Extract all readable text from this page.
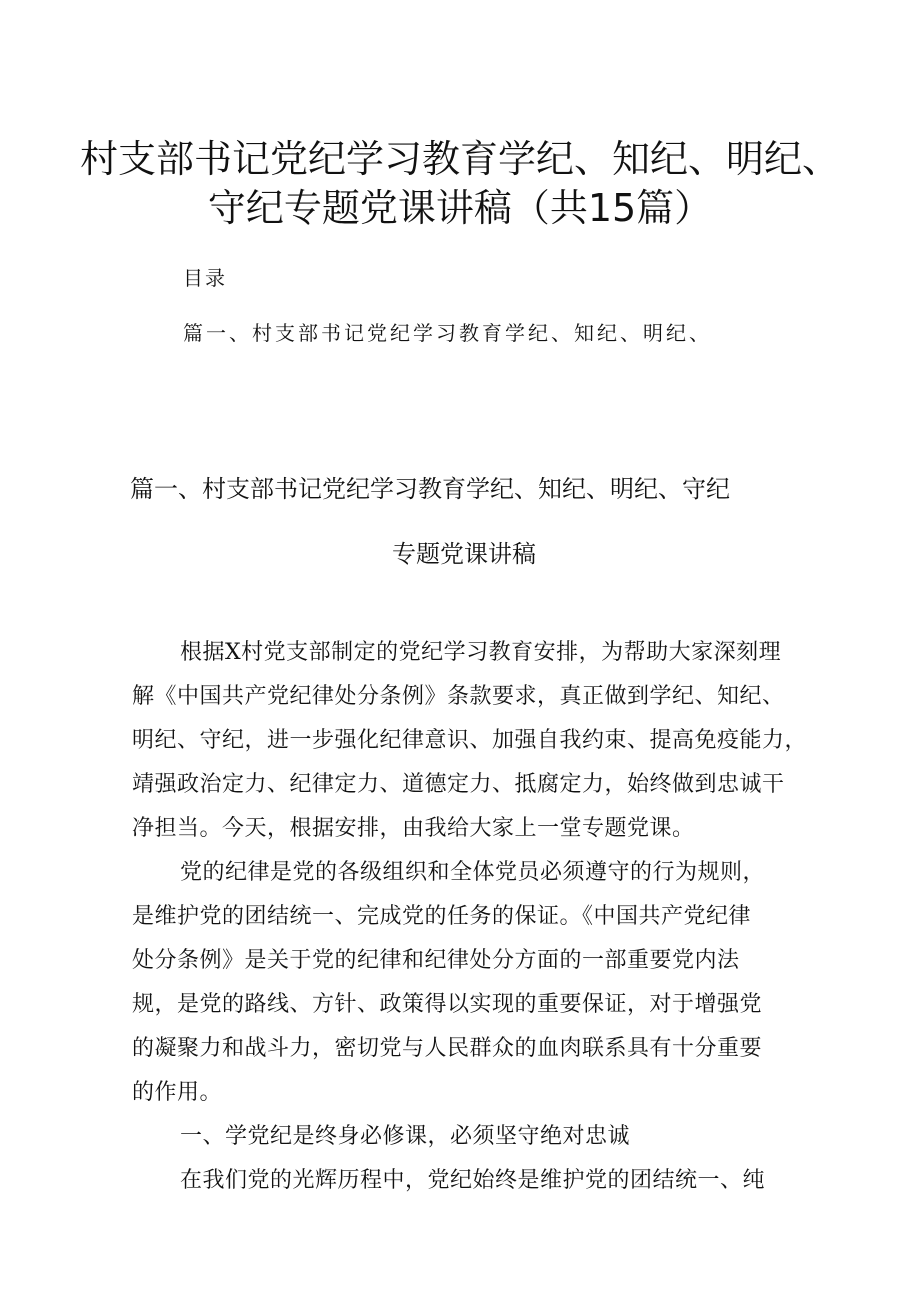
村支部书记党纪学习教育学纪、知纪、明纪、
守纪专题党课讲稿（共15篇）
目录
篇一、村支部书记党纪学习教育学纪、知纪、明纪、
篇一、村支部书记党纪学习教育学纪、知纪、明纪、守纪
专题党课讲稿
根据X村党支部制定的党纪学习教育安排，为帮助大家深刻理
解《中国共产党纪律处分条例》条款要求，真正做到学纪、知纪、
明纪、守纪，进一步强化纪律意识、加强自我约束、提高免疫能力，
靖强政治定力、纪律定力、道德定力、抵腐定力，始终做到忠诚干
净担当。今天，根据安排，由我给大家上一堂专题党课。
党的纪律是党的各级组织和全体党员必须遵守的行为规则，
是维护党的团结统一、完成党的任务的保证。《中国共产党纪律
处分条例》是关于党的纪律和纪律处分方面的一部重要党内法
规，是党的路线、方针、政策得以实现的重要保证，对于增强党
的凝聚力和战斗力，密切党与人民群众的血肉联系具有十分重要
的作用。
一、学党纪是终身必修课，必须坚守绝对忠诚
在我们党的光辉历程中，党纪始终是维护党的团结统一、纯
